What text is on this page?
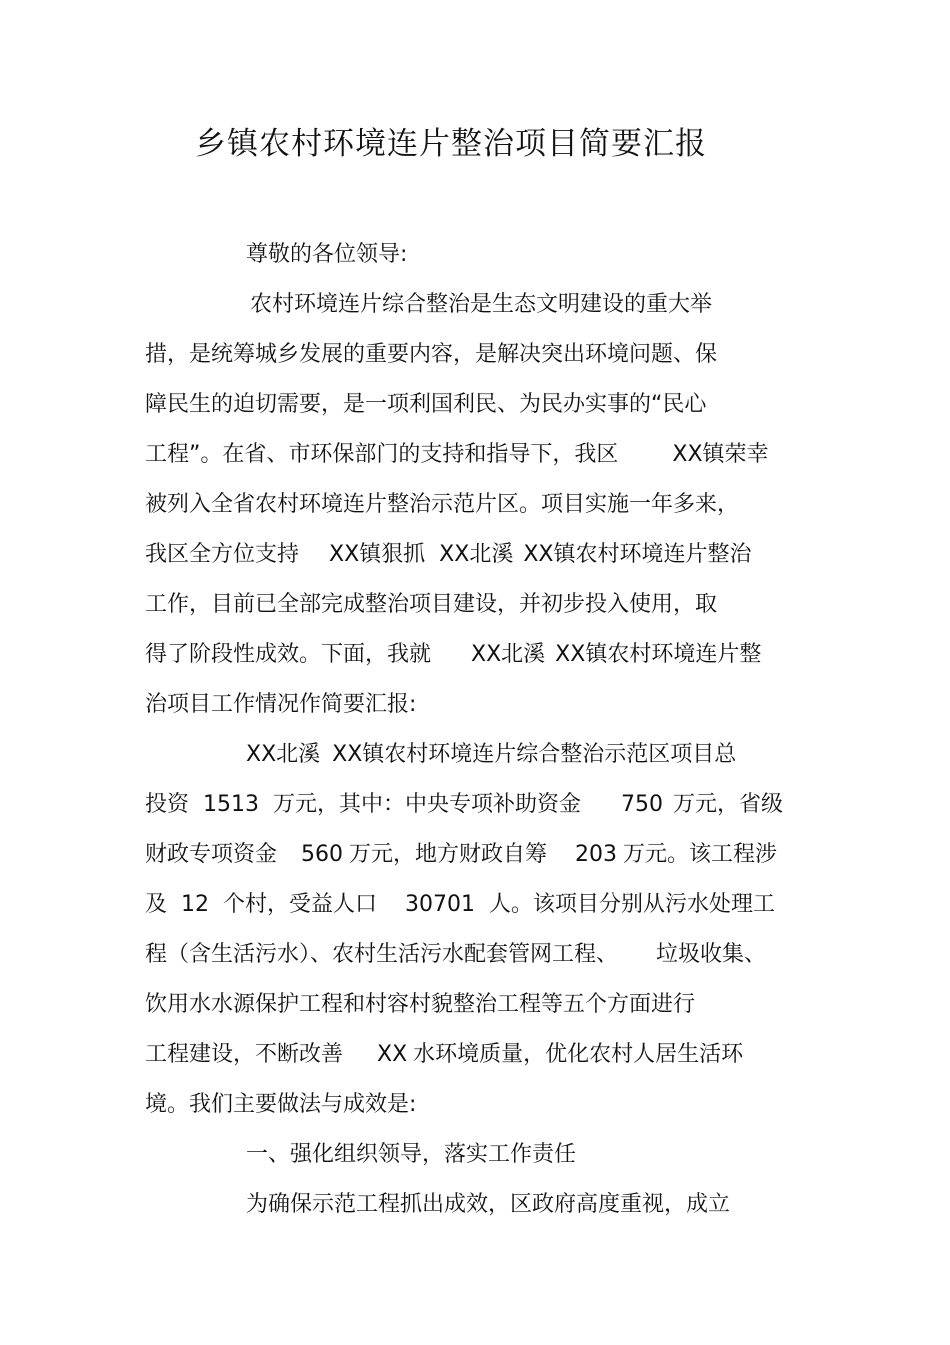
乡镇农村环境连片整治项目简要汇报
尊敬的各位领导:
农村环境连片综合整治是生态文明建设的重大举
措，是统筹城乡发展的重要内容，是解决突出环境问题、保
障民生的迫切需要，是一项利国利民、为民办实事的“民心
工程”。在省、市环保部门的支持和指导下，我区 XX镇荣幸
被列入全省农村环境连片整治示范片区。项目实施一年多来，
我区全方位支持 XX镇狠抓 XX北溪 XX镇农村环境连片整治
工作，目前已全部完成整治项目建设，并初步投入使用，取
得了阶段性成效。下面，我就 XX北溪 XX镇农村环境连片整
治项目工作情况作简要汇报:
XX北溪 XX镇农村环境连片综合整治示范区项目总
投资 1513 万元，其中：中央专项补助资金 750 万元，省级
财政专项资金 560 万元，地方财政自筹 203 万元。该工程涉
及 12 个村，受益人口 30701 人。该项目分别从污水处理工
程（含生活污水）、农村生活污水配套管网工程、 垃圾收集、
饮用水水源保护工程和村容村貌整治工程等五个方面进行
工程建设，不断改善 XX 水环境质量，优化农村人居生活环
境。我们主要做法与成效是:
一、强化组织领导，落实工作责任
为确保示范工程抓出成效，区政府高度重视，成立
